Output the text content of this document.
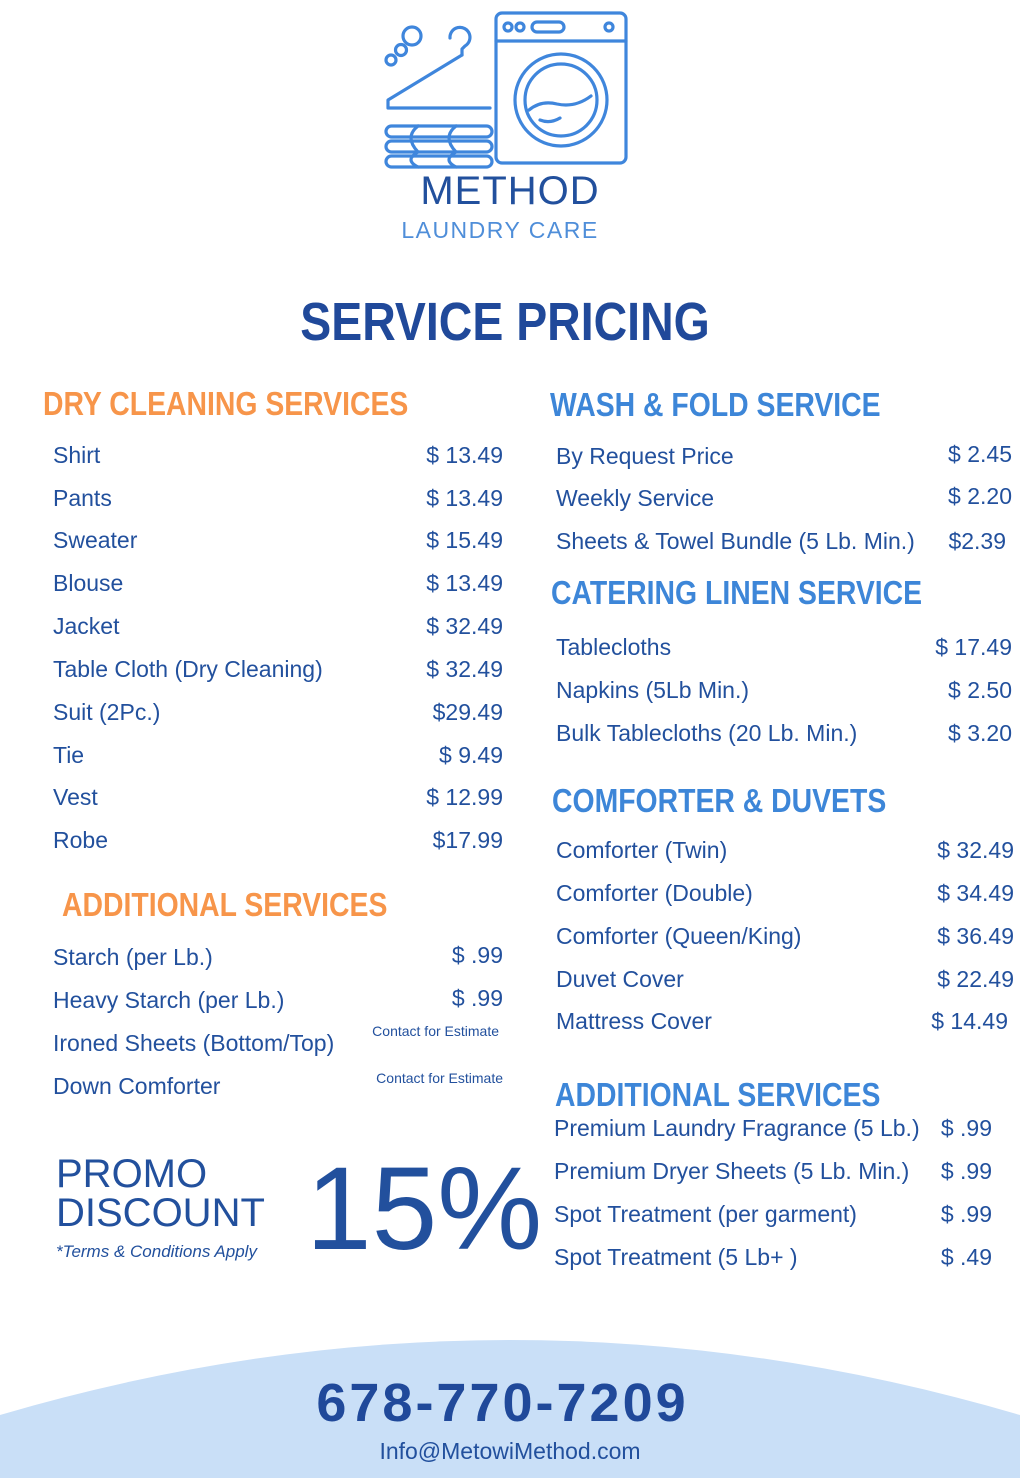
METHOD
LAUNDRY CARE
SERVICE PRICING
DRY CLEANING SERVICES
Shirt	$ 13.49
Pants	$ 13.49
Sweater	$ 15.49
Blouse	$ 13.49
Jacket	$ 32.49
Table Cloth (Dry Cleaning)	$ 32.49
Suit (2Pc.)	$29.49
Tie	$ 9.49
Vest	$ 12.99
Robe	$17.99
ADDITIONAL SERVICES
Starch (per Lb.)	$ .99
Heavy Starch (per Lb.)	$ .99
Ironed Sheets (Bottom/Top)	Contact for Estimate
Down Comforter	Contact for Estimate
PROMO
DISCOUNT
*Terms & Conditions Apply 15%
WASH & FOLD SERVICE
By Request Price	$ 2.45
Weekly Service	$ 2.20
Sheets & Towel Bundle (5 Lb. Min.) $2.39
CATERING LINEN SERVICE
Tablecloths	$ 17.49
Napkins (5Lb Min.)	$ 2.50
Bulk Tablecloths (20 Lb. Min.)	$ 3.20
COMFORTER & DUVETS
Comforter (Twin)	$ 32.49
Comforter (Double)	$ 34.49
Comforter (Queen/King)	$ 36.49
Duvet Cover	$ 22.49
Mattress Cover	$ 14.49
ADDITIONAL SERVICES
Premium Laundry Fragrance (5 Lb.) $ .99
Premium Dryer Sheets (5 Lb. Min.) $ .99
Spot Treatment (per garment)	$ .99
Spot Treatment (5 Lb+ )	$ .49
678-770-7209
Info@MetowiMethod.com
